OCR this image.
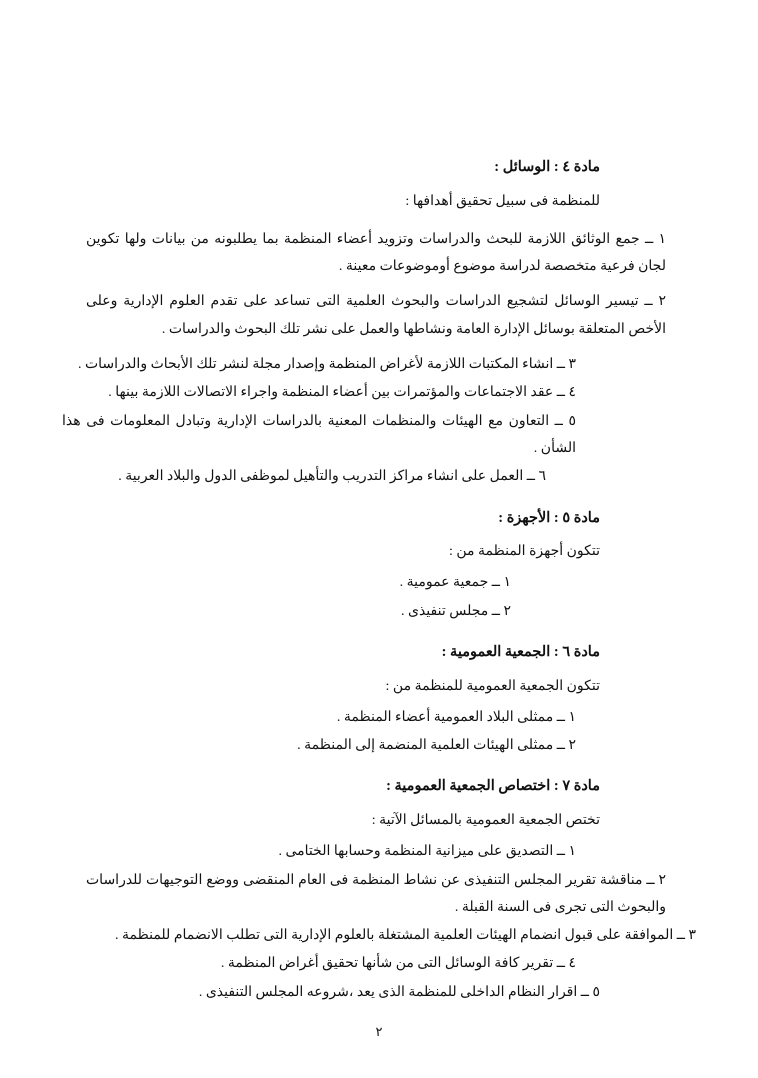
مادة ٤ : الوسائل :
للمنظمة فى سبيل تحقيق أهدافها :
١ ــ جمع الوثائق اللازمة للبحث والدراسات وتزويد أعضاء المنظمة بما يطلبونه من بيانات ولها تكوين لجان فرعية متخصصة لدراسة موضوع أوموضوعات معينة .
٢ ــ تيسير الوسائل لتشجيع الدراسات والبحوث العلمية التى تساعد على تقدم العلوم الإدارية وعلى الأخص المتعلقة بوسائل الإدارة العامة ونشاطها والعمل على نشر تلك البحوث والدراسات .
٣ ــ انشاء المكتبات اللازمة لأغراض المنظمة وإصدار مجلة لنشر تلك الأبحاث والدراسات .
٤ ــ عقد الاجتماعات والمؤتمرات بين أعضاء المنظمة واجراء الاتصالات اللازمة بينها .
٥ ــ التعاون مع الهيئات والمنظمات المعنية بالدراسات الإدارية وتبادل المعلومات فى هذا الشأن .
٦ ــ العمل على انشاء مراكز التدريب والتأهيل لموظفى الدول والبلاد العربية .
مادة ٥ : الأجهزة :
تتكون أجهزة المنظمة من :
١ ــ جمعية عمومية .
٢ ــ مجلس تنفيذى .
مادة ٦ : الجمعية العمومية :
تتكون الجمعية العمومية للمنظمة من :
١ ــ ممثلى البلاد العمومية أعضاء المنظمة .
٢ ــ ممثلى الهيئات العلمية المنضمة إلى المنظمة .
مادة ٧ : اختصاص الجمعية العمومية :
تختص الجمعية العمومية بالمسائل الآتية :
١ ــ التصديق على ميزانية المنظمة وحسابها الختامى .
٢ ــ مناقشة تقرير المجلس التنفيذى عن نشاط المنظمة فى العام المنقضى ووضع التوجيهات للدراسات والبحوث التى تجرى فى السنة القبلة .
٣ ــ الموافقة على قبول انضمام الهيئات العلمية المشتغلة بالعلوم الإدارية التى تطلب الانضمام للمنظمة .
٤ ــ تقرير كافة الوسائل التى من شأنها تحقيق أغراض المنظمة .
٥ ــ اقرار النظام الداخلى للمنظمة الذى يعد ،شروعه المجلس التنفيذى .
٢
